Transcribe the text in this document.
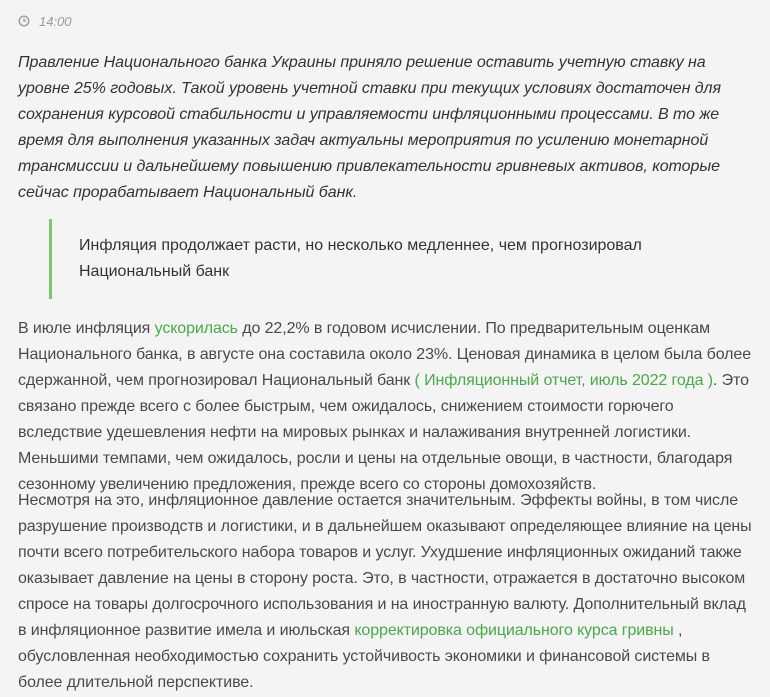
14:00

Правление Национального банка Украины приняло решение оставить учетную ставку на уровне 25% годовых. Такой уровень учетной ставки при текущих условиях достаточен для сохранения курсовой стабильности и управляемости инфляционными процессами. В то же время для выполнения указанных задач актуальны мероприятия по усилению монетарной трансмиссии и дальнейшему повышению привлекательности гривневых активов, которые сейчас прорабатывает Национальный банк.

Инфляция продолжает расти, но несколько медленнее, чем прогнозировал Национальный банк

В июле инфляция ускорилась до 22,2% в годовом исчислении. По предварительным оценкам Национального банка, в августе она составила около 23%. Ценовая динамика в целом была более сдержанной, чем прогнозировал Национальный банк ( Инфляционный отчет, июль 2022 года ). Это связано прежде всего с более быстрым, чем ожидалось, снижением стоимости горючего вследствие удешевления нефти на мировых рынках и налаживания внутренней логистики. Меньшими темпами, чем ожидалось, росли и цены на отдельные овощи, в частности, благодаря сезонному увеличению предложения, прежде всего со стороны домохозяйств.

Несмотря на это, инфляционное давление остается значительным. Эффекты войны, в том числе разрушение производств и логистики, и в дальнейшем оказывают определяющее влияние на цены почти всего потребительского набора товаров и услуг. Ухудшение инфляционных ожиданий также оказывает давление на цены в сторону роста. Это, в частности, отражается в достаточно высоком спросе на товары долгосрочного использования и на иностранную валюту. Дополнительный вклад в инфляционное развитие имела и июльская корректировка официального курса гривны , обусловленная необходимостью сохранить устойчивость экономики и финансовой системы в более длительной перспективе.
